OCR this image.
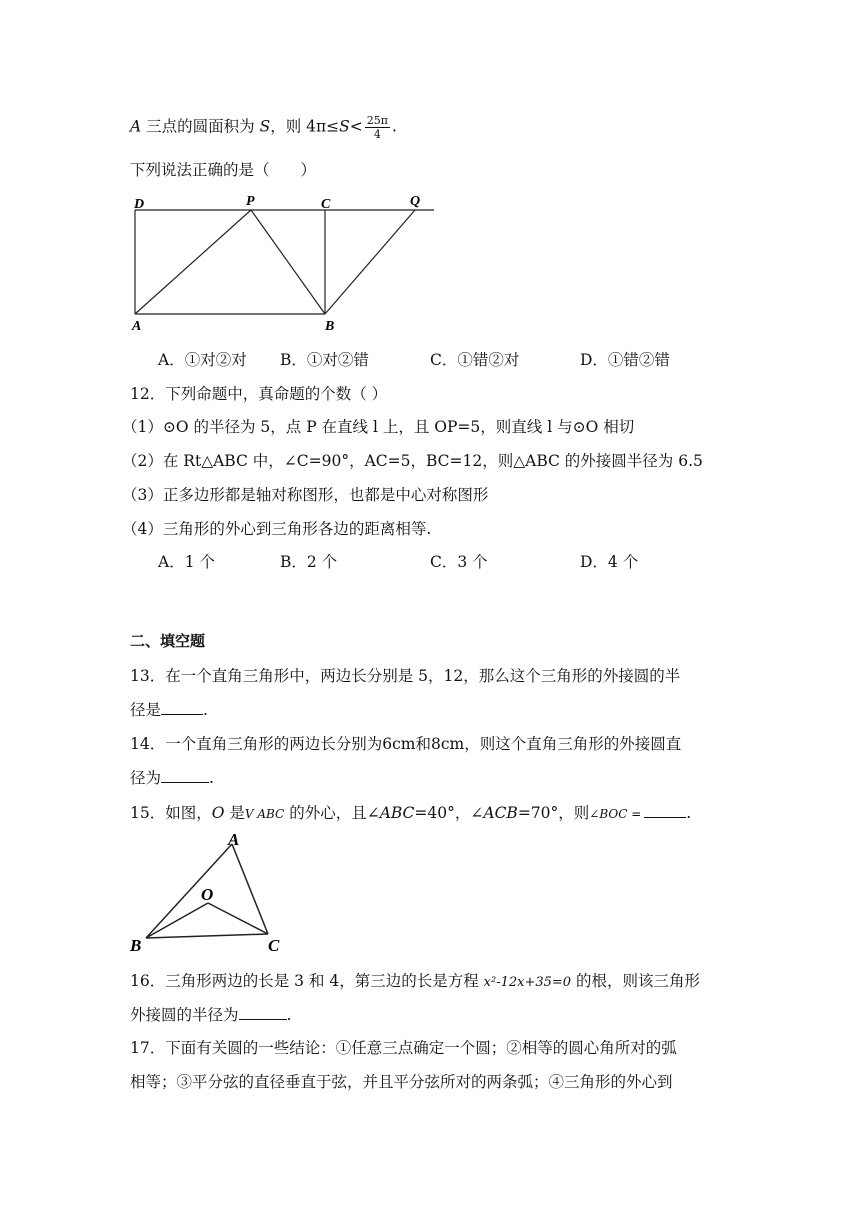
A 三点的圆面积为 S，则 $4\pi\le S< \frac{25\pi}{4}$ .
下列说法正确的是（　　）
D	P	C	Q
A	B
A．①对②对 B．①对②错	C．①错②对	D．①错②错
12．下列命题中，真命题的个数（ ）
（1）⊙O 的半径为 5，点 P 在直线 l 上，且 OP=5，则直线 l 与⊙O 相切
（2）在 Rt△ABC 中，∠C=90°，AC=5，BC=12，则△ABC 的外接圆半径为 6.5
（3）正多边形都是轴对称图形，也都是中心对称图形
（4）三角形的外心到三角形各边的距离相等.
A．1 个	B．2 个	C．3 个	D．4 个
二、填空题
13．在一个直角三角形中，两边长分别是 5，12，那么这个三角形的外接圆的半
径是	.
14．一个直角三角形的两边长分别为6cm和8cm，则这个直角三角形的外接圆直
径为	.
15．如图，O 是V ABC 的外心，且∠ABC=40°，∠ACB=70°，则∠BOC =	.
A
O
B	C
16．三角形两边的长是 3 和 4，第三边的长是方程 x²-12x+35=0 的根，则该三角形
外接圆的半径为	.
17．下面有关圆的一些结论：①任意三点确定一个圆；②相等的圆心角所对的弧
相等；③平分弦的直径垂直于弦，并且平分弦所对的两条弧；④三角形的外心到
